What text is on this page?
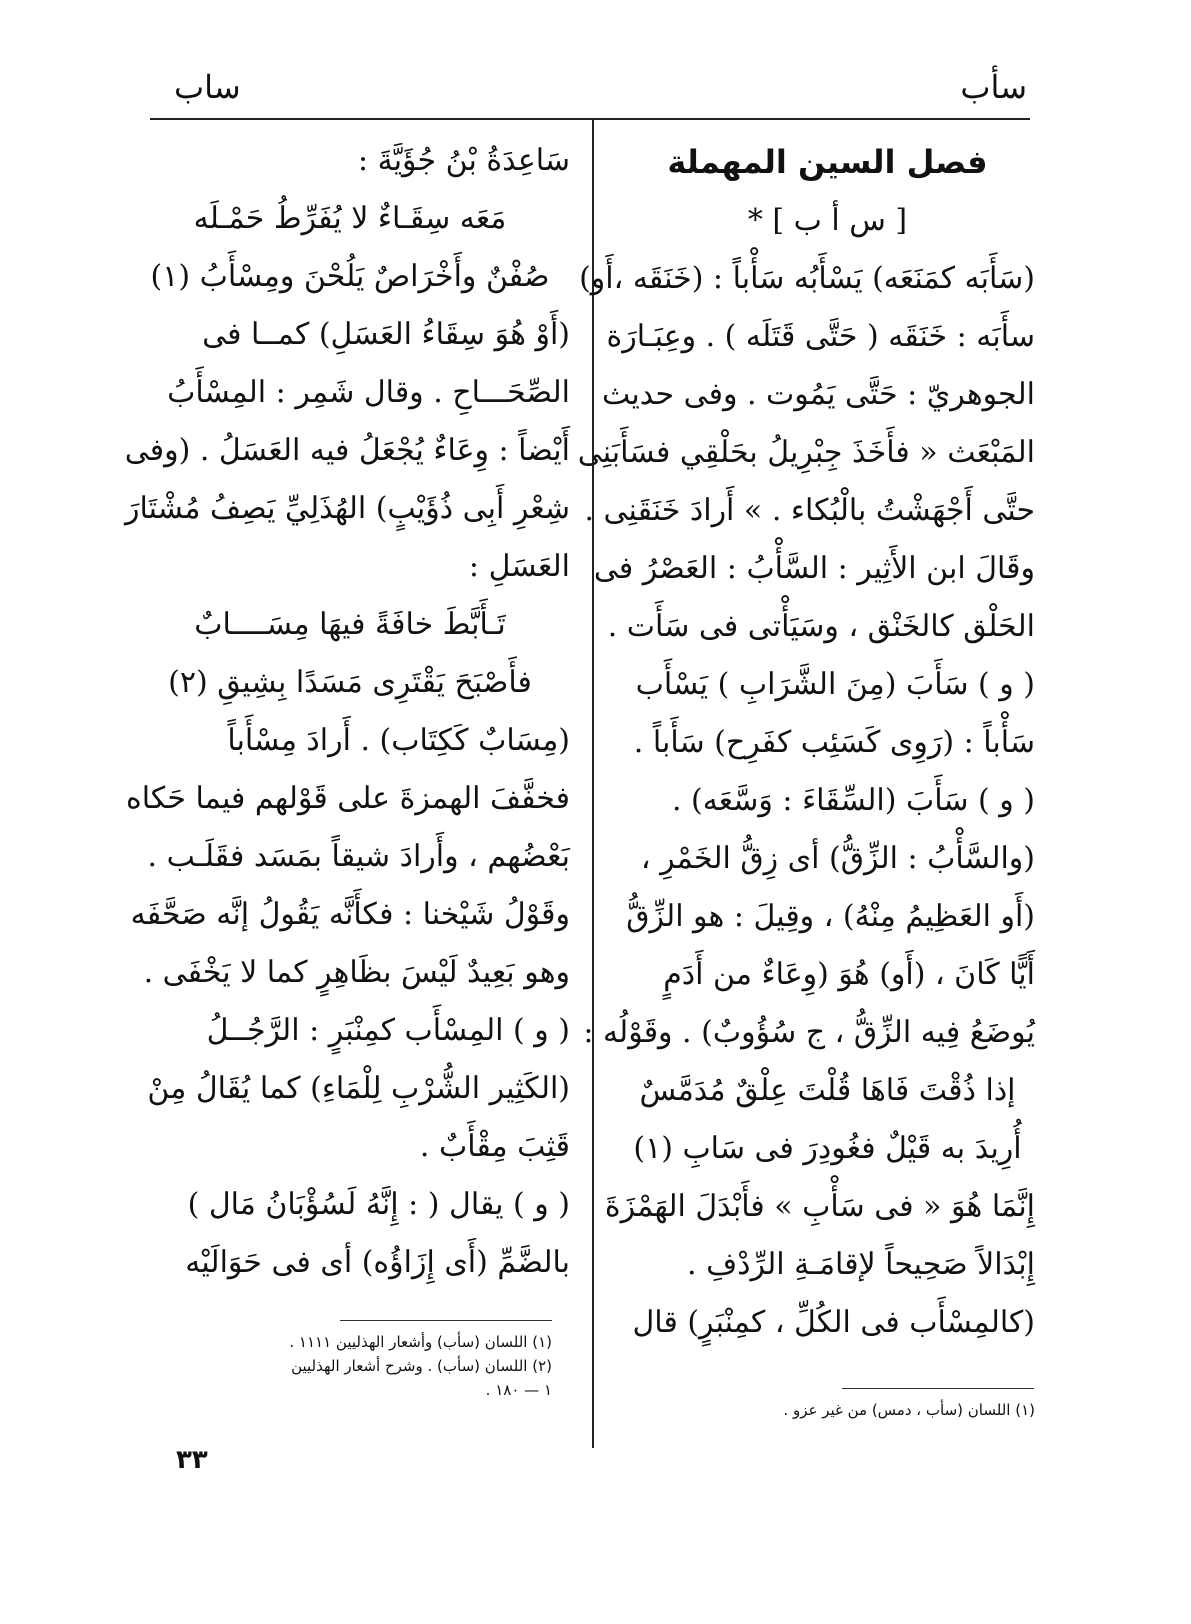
سأب
ساب

فصل السين المهملة

[ س أ ب ] *

(سَأَبَه كمَنَعَه) يَسْأَبُه سَأْباً : (خَنَقَه ،أَو)

سأَبَه : خَنَقَه ( حَتَّى قَتَلَه ) . وعِبَـارَة

الجوهريّ : حَتَّى يَمُوت . وفى حديث

المَبْعَث « فأَخَذَ جِبْرِيلُ بحَلْقِي فسَأَبَنِى

حتَّى أَجْهَشْتُ بالْبُكاء . » أَرادَ خَنَقَنِى .

وقَالَ ابن الأَثِير : السَّأْبُ : العَصْرُ فى

الحَلْق كالخَنْق ، وسَيَأْتى فى سَأَت .

( و ) سَأَبَ (مِنَ الشَّرَابِ ) يَسْأَب

سَأْباً : (رَوِى كَسَئِب كفَرِح) سَأَباً .

( و ) سَأَبَ (السِّقَاءَ : وَسَّعَه) .

(والسَّأْبُ : الزِّقُّ) أى زِقُّ الخَمْرِ ،

(أَو العَظِيمُ مِنْهُ) ، وقِيلَ : هو الزِّقُّ

أَيًّا كَانَ ، (أَو) هُوَ (وِعَاءٌ من أَدَمٍ

يُوضَعُ فِيه الزِّقُّ ، ج سُؤُوبٌ) . وقَوْلُه :

إذا ذُقْتَ فَاهَا قُلْتَ عِلْقٌ مُدَمَّسٌ

أُرِيدَ به قَيْلٌ فغُودِرَ فى سَابِ (١)

إِنَّمَا هُوَ « فى سَأْبِ » فأَبْدَلَ الهَمْزَةَ

إِبْدَالاً صَحِيحاً لإقامَـةِ الرِّدْفِ .

(كالمِسْأَب فى الكُلِّ ، كمِنْبَرٍ) قال

(١) اللسان (سأب ، دمس) من غير عزو .

سَاعِدَةُ بْنُ جُؤَيَّةَ :

مَعَه سِقَـاءٌ لا يُفَرِّطُ حَمْـلَه

صُفْنٌ وأَخْرَاصٌ يَلُحْنَ ومِسْأَبُ (١)

(أَوْ هُوَ سِقَاءُ العَسَلِ) كمــا فى

الصِّحَـــاحِ . وقال شَمِر : المِسْأَبُ

أَيْضاً : وِعَاءٌ يُجْعَلُ فيه العَسَلُ . (وفى

شِعْرِ أَبِى ذُؤَيْبٍ) الهُذَلِيِّ يَصِفُ مُشْتَارَ

العَسَلِ :

تَـأَبَّطَ خافَةً فيهَا مِسَــــابٌ

فأَصْبَحَ يَقْتَرِى مَسَدًا بِشِيقِ (٢)

(مِسَابٌ كَكِتَاب) . أَرادَ مِسْأَباً

فخفَّفَ الهمزةَ على قَوْلهم فيما حَكاه

بَعْضُهم ، وأَرادَ شيقاً بمَسَد فقَلَـب .

وقَوْلُ شَيْخنا : فكأَنَّه يَقُولُ إنَّه صَحَّفَه

وهو بَعِيدٌ لَيْسَ بظَاهِرٍ كما لا يَخْفَى .

( و ) المِسْأَب كمِنْبَرٍ : الرَّجُــلُ

(الكَثِير الشُّرْبِ لِلْمَاءِ) كما يُقَالُ مِنْ

قَثِبَ مِقْأَبٌ .

( و ) يقال ( : إِنَّهُ لَسُؤْبَانُ مَال )

بالضَّمِّ (أَى إِزَاؤُه) أى فى حَوَالَيْه

(١) اللسان (سأب) وأشعار الهذليين ١١١١ .

(٢) اللسان (سأب) . وشرح أشعار الهذليين

١ — ١٨٠ .

٣٣
